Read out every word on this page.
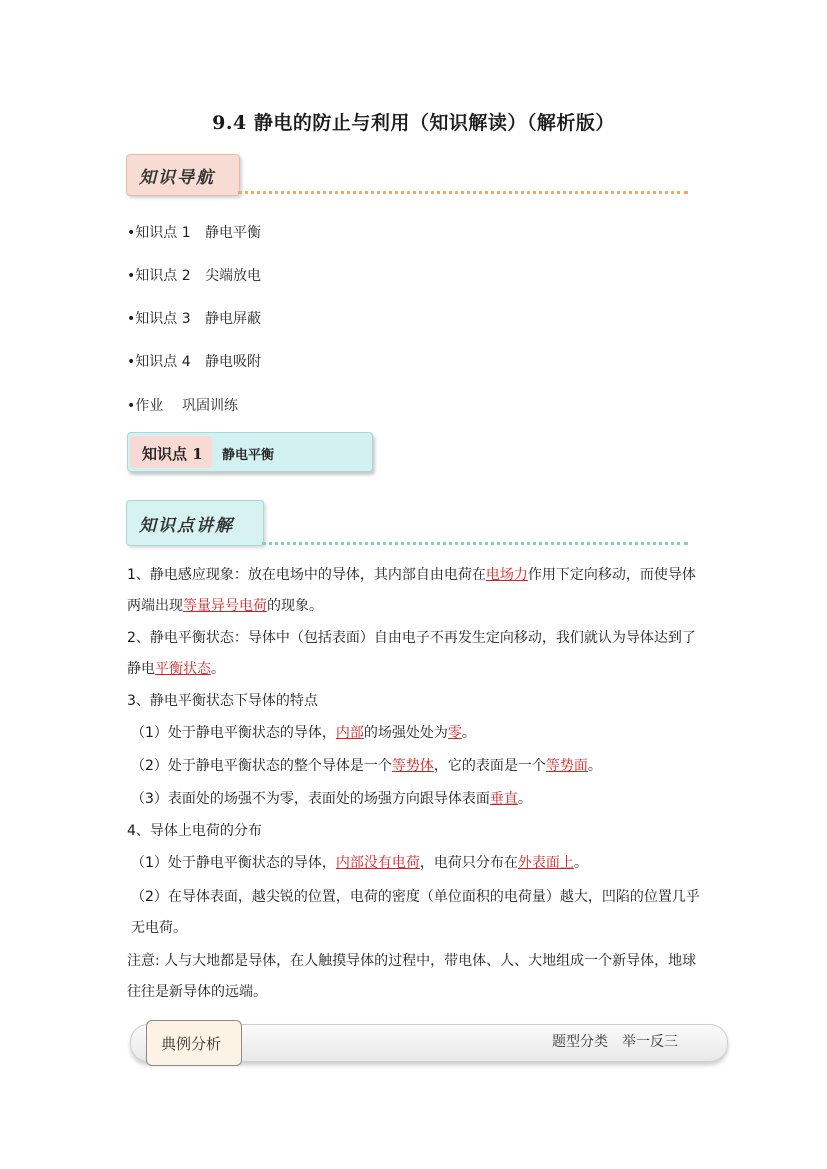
9.4 静电的防止与利用（知识解读）（解析版）
知识导航
•知识点 1 静电平衡
•知识点 2 尖端放电
•知识点 3 静电屏蔽
•知识点 4 静电吸附
•作业 巩固训练
知识点 1 静电平衡
知识点讲解
1、静电感应现象：放在电场中的导体，其内部自由电荷在电场力作用下定向移动，而使导体两端出现等量异号电荷的现象。
2、静电平衡状态：导体中（包括表面）自由电子不再发生定向移动，我们就认为导体达到了静电平衡状态。
3、静电平衡状态下导体的特点
（1）处于静电平衡状态的导体，内部的场强处处为零。
（2）处于静电平衡状态的整个导体是一个等势体，它的表面是一个等势面。
（3）表面处的场强不为零，表面处的场强方向跟导体表面垂直。
4、导体上电荷的分布
（1）处于静电平衡状态的导体，内部没有电荷，电荷只分布在外表面上。
（2）在导体表面，越尖锐的位置，电荷的密度（单位面积的电荷量）越大，凹陷的位置几乎无电荷。
注意: 人与大地都是导体，在人触摸导体的过程中，带电体、人、大地组成一个新导体，地球往往是新导体的远端。
典例分析	题型分类　举一反三
